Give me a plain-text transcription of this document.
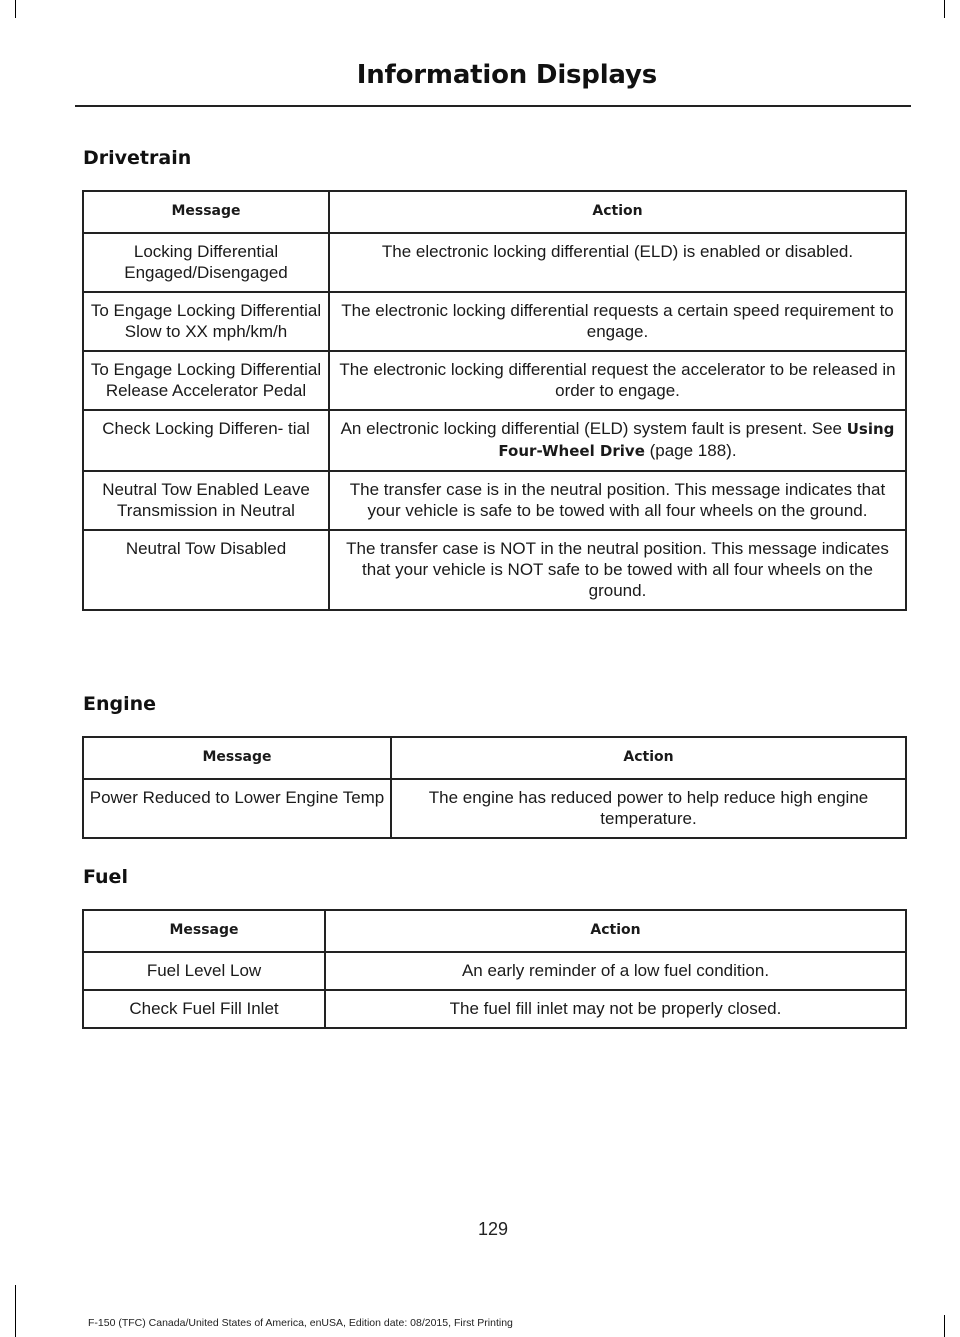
Information Displays
Drivetrain
Message	Action
Locking Differential Engaged/Disengaged	The electronic locking differential (ELD) is enabled or disabled.
To Engage Locking Differential Slow to XX mph/km/h	The electronic locking differential requests a certain speed requirement to engage.
To Engage Locking Differential Release Accelerator Pedal	The electronic locking differential request the accelerator to be released in order to engage.
Check Locking Differen- tial	An electronic locking differential (ELD) system fault is present. See Using Four-Wheel Drive (page 188).
Neutral Tow Enabled Leave Transmission in Neutral	The transfer case is in the neutral position. This message indicates that your vehicle is safe to be towed with all four wheels on the ground.
Neutral Tow Disabled	The transfer case is NOT in the neutral position. This message indicates that your vehicle is NOT safe to be towed with all four wheels on the ground.
Engine
Message	Action
Power Reduced to Lower Engine Temp	The engine has reduced power to help reduce high engine temperature.
Fuel
Message	Action
Fuel Level Low	An early reminder of a low fuel condition.
Check Fuel Fill Inlet	The fuel fill inlet may not be properly closed.
129
F-150 (TFC) Canada/United States of America, enUSA, Edition date: 08/2015, First Printing
